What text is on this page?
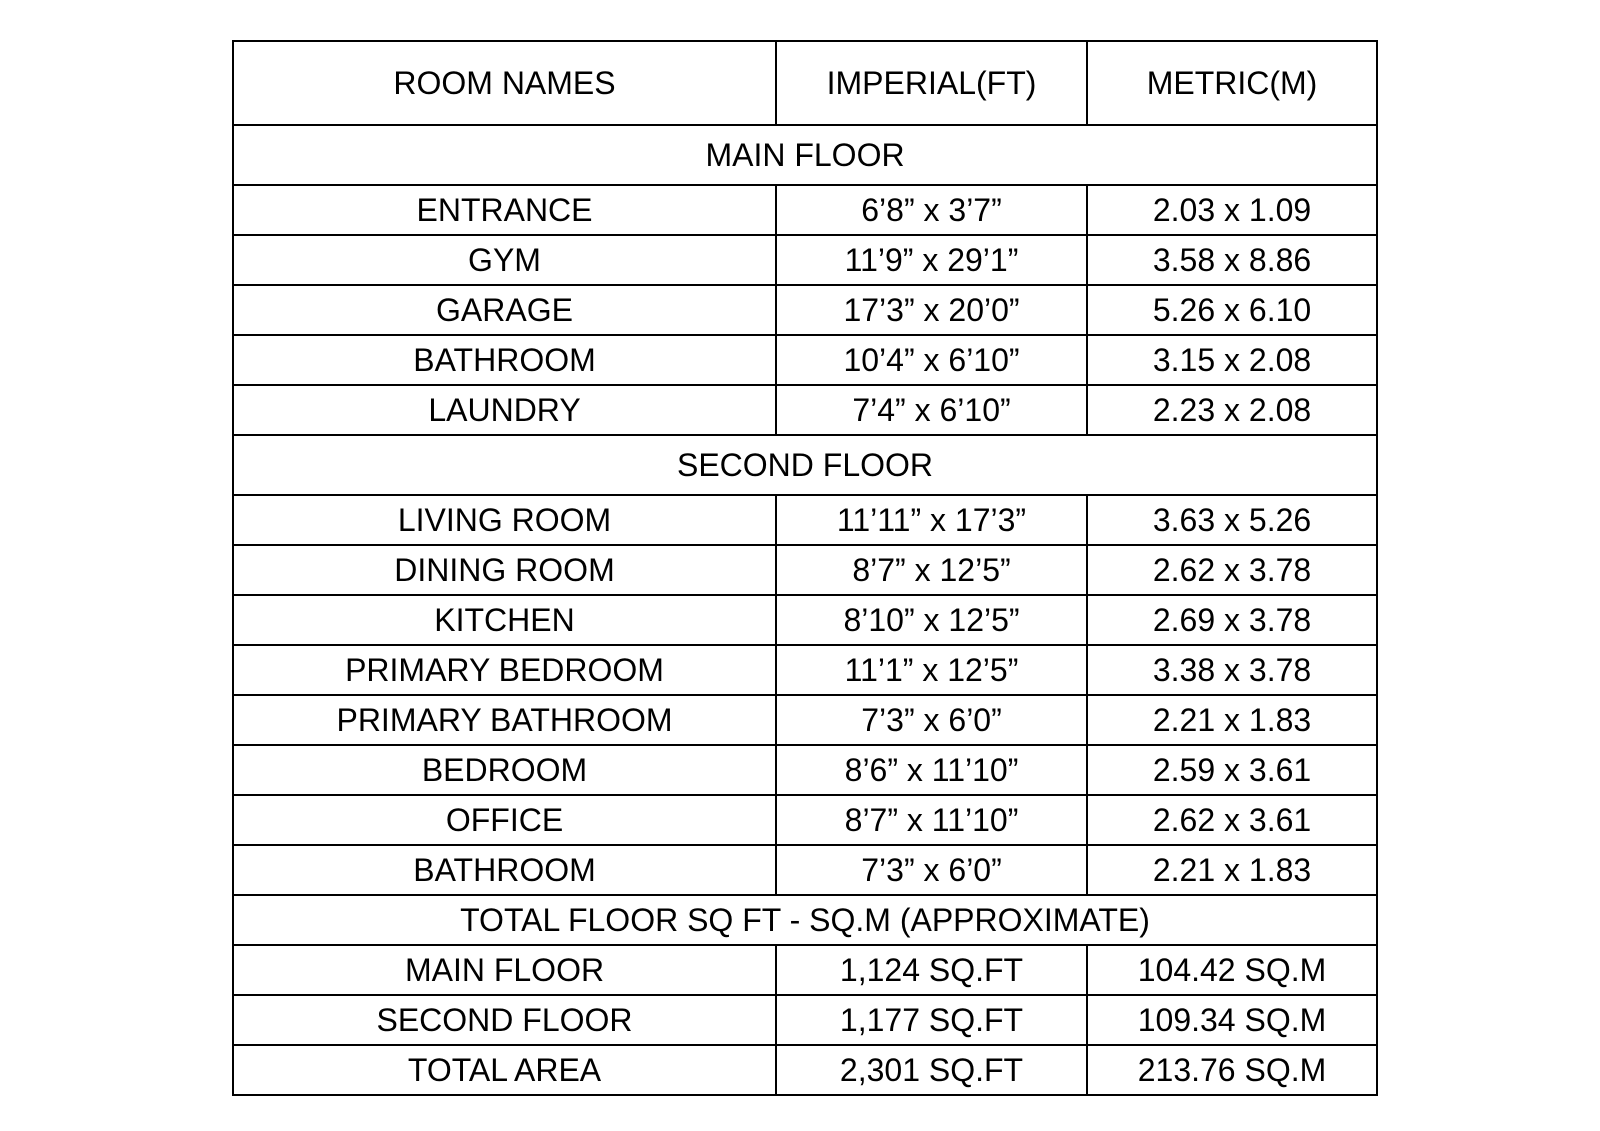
ROOM NAMES	IMPERIAL(FT)	METRIC(M)
MAIN FLOOR		
ENTRANCE	6’8” x 3’7”	2.03 x 1.09
GYM	11’9” x 29’1”	3.58 x 8.86
GARAGE	17’3” x 20’0”	5.26 x 6.10
BATHROOM	10’4” x 6’10”	3.15 x 2.08
LAUNDRY	7’4” x 6’10”	2.23 x 2.08
SECOND FLOOR		
LIVING ROOM	11’11” x 17’3”	3.63 x 5.26
DINING ROOM	8’7” x 12’5”	2.62 x 3.78
KITCHEN	8’10” x 12’5”	2.69 x 3.78
PRIMARY BEDROOM	11’1” x 12’5”	3.38 x 3.78
PRIMARY BATHROOM	7’3” x 6’0”	2.21 x 1.83
BEDROOM	8’6” x 11’10”	2.59 x 3.61
OFFICE	8’7” x 11’10”	2.62 x 3.61
BATHROOM	7’3” x 6’0”	2.21 x 1.83
TOTAL FLOOR SQ FT - SQ.M (APPROXIMATE)		
MAIN FLOOR	1,124 SQ.FT	104.42 SQ.M
SECOND FLOOR	1,177 SQ.FT	109.34 SQ.M
TOTAL AREA	2,301 SQ.FT	213.76 SQ.M
